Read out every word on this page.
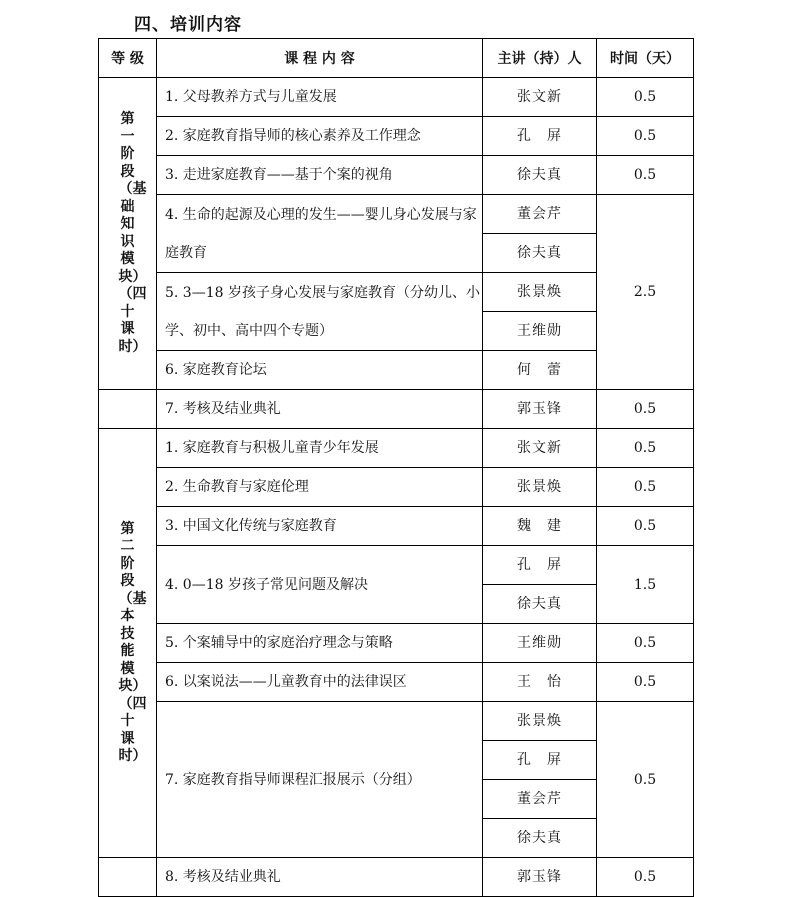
四、培训内容
等 级	课 程 内 容	主讲（持）人	时间（天）
第一阶段（基础知识模块）（四十课时）	1. 父母教养方式与儿童发展	张文新	0.5
	2. 家庭教育指导师的核心素养及工作理念	孔　屏	0.5
	3. 走进家庭教育——基于个案的视角	徐夫真	0.5
	4. 生命的起源及心理的发生——婴儿身心发展与家庭教育	董会芹	2.5
		徐夫真	
	5. 3—18 岁孩子身心发展与家庭教育（分幼儿、小学、初中、高中四个专题）	张景焕	
		王维勋	
	6. 家庭教育论坛	何　蕾	
	7. 考核及结业典礼	郭玉锋	0.5
第二阶段（基本技能模块）（四十课时）	1. 家庭教育与积极儿童青少年发展	张文新	0.5
	2. 生命教育与家庭伦理	张景焕	0.5
	3. 中国文化传统与家庭教育	魏　建	0.5
	4. 0—18 岁孩子常见问题及解决	孔　屏	1.5
		徐夫真	
	5. 个案辅导中的家庭治疗理念与策略	王维勋	0.5
	6. 以案说法——儿童教育中的法律误区	王　怡	0.5
	7. 家庭教育指导师课程汇报展示（分组）	张景焕	0.5
		孔　屏	
		董会芹	
		徐夫真	
	8. 考核及结业典礼	郭玉锋	0.5
